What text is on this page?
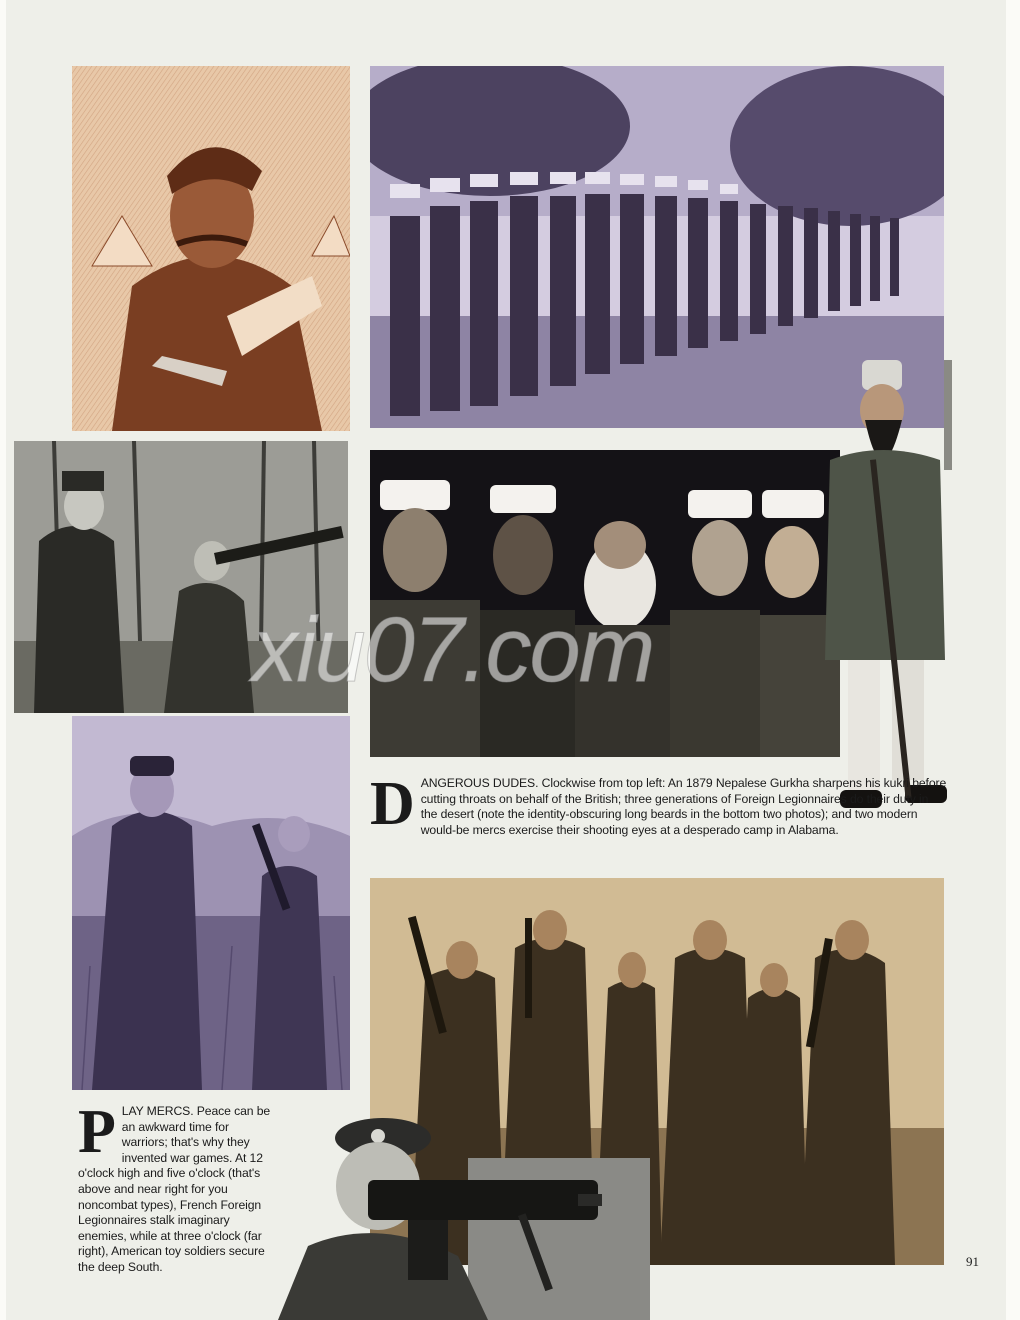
D ANGEROUS DUDES. Clockwise from top left: An 1879 Nepalese Gurkha sharpens his kukri before cutting throats on behalf of the British; three generations of Foreign Legionnaires do their duty in the desert (note the identity-obscuring long beards in the bottom two photos); and two modern would-be mercs exercise their shooting eyes at a desperado camp in Alabama.
P LAY MERCS. Peace can be an awkward time for warriors; that's why they invented war games. At 12 o'clock high and five o'clock (that's above and near right for you noncombat types), French Foreign Legionnaires stalk imaginary enemies, while at three o'clock (far right), American toy soldiers secure the deep South.
xiu07.com
91
